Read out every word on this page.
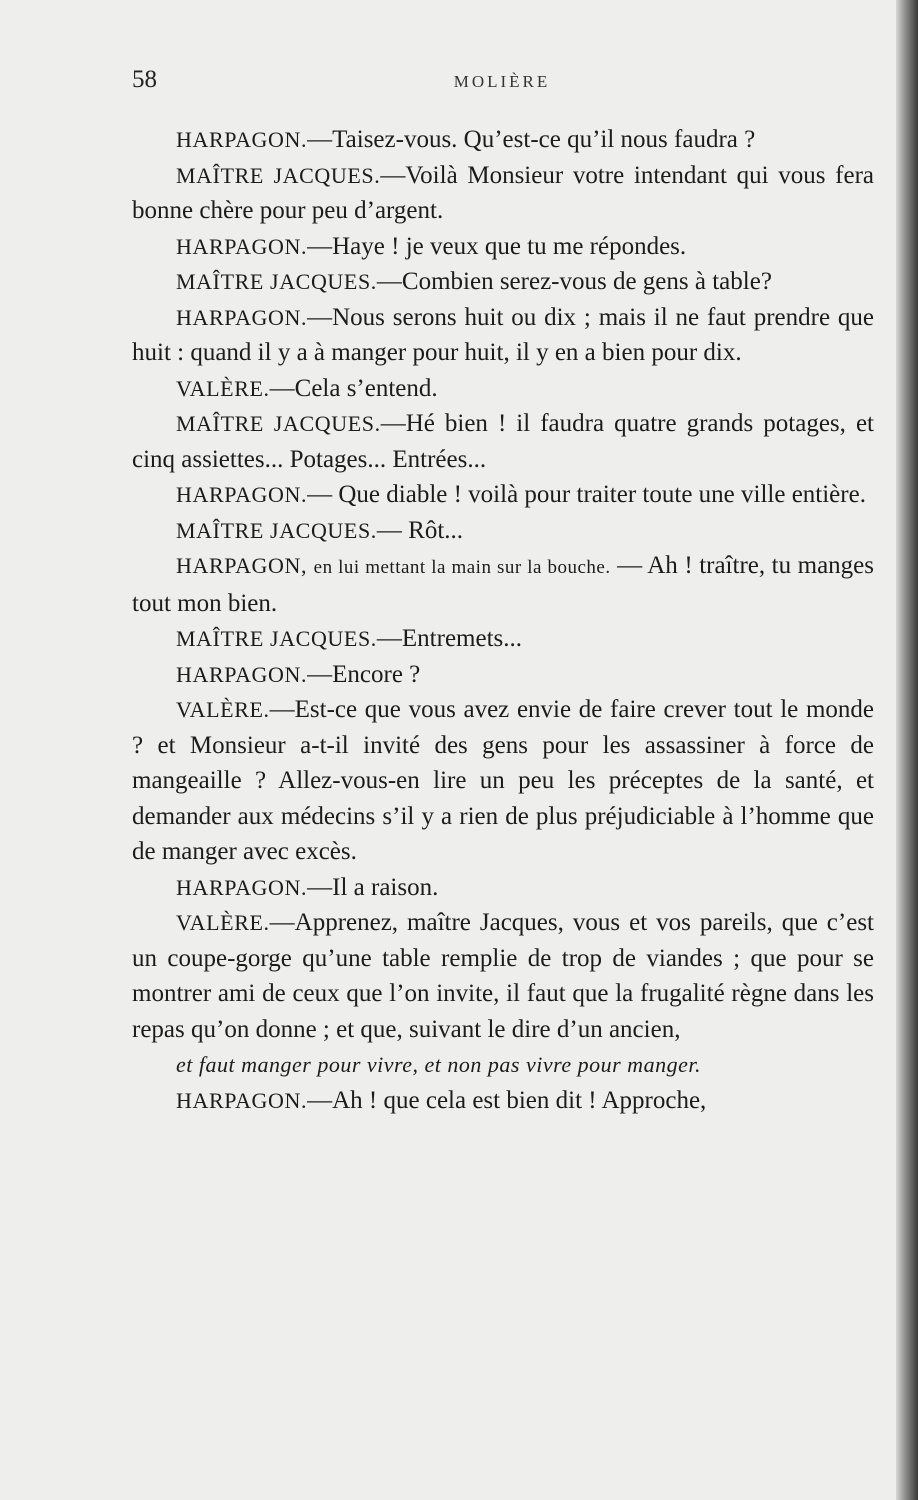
58	MOLIÈRE

HARPAGON.—Taisez-vous. Qu’est-ce qu’il nous faudra ?

MAÎTRE JACQUES.—Voilà Monsieur votre intendant qui vous fera bonne chère pour peu d’argent.

HARPAGON.—Haye ! je veux que tu me répondes.

MAÎTRE JACQUES.—Combien serez-vous de gens à table?

HARPAGON.—Nous serons huit ou dix ; mais il ne faut prendre que huit : quand il y a à manger pour huit, il y en a bien pour dix.

VALÈRE.—Cela s’entend.

MAÎTRE JACQUES.—Hé bien ! il faudra quatre grands potages, et cinq assiettes... Potages... Entrées...

HARPAGON.— Que diable ! voilà pour traiter toute une ville entière.

MAÎTRE JACQUES.— Rôt...

HARPAGON, en lui mettant la main sur la bouche. — Ah ! traître, tu manges tout mon bien.

MAÎTRE JACQUES.—Entremets...

HARPAGON.—Encore ?

VALÈRE.—Est-ce que vous avez envie de faire crever tout le monde ? et Monsieur a-t-il invité des gens pour les assassiner à force de mangeaille ? Allez-vous-en lire un peu les préceptes de la santé, et demander aux médecins s’il y a rien de plus préjudiciable à l’homme que de manger avec excès.

HARPAGON.—Il a raison.

VALÈRE.—Apprenez, maître Jacques, vous et vos pareils, que c’est un coupe-gorge qu’une table remplie de trop de viandes ; que pour se montrer ami de ceux que l’on invite, il faut que la frugalité règne dans les repas qu’on donne ; et que, suivant le dire d’un ancien,
et faut manger pour vivre, et non pas vivre pour manger.

HARPAGON.—Ah ! que cela est bien dit ! Approche,
